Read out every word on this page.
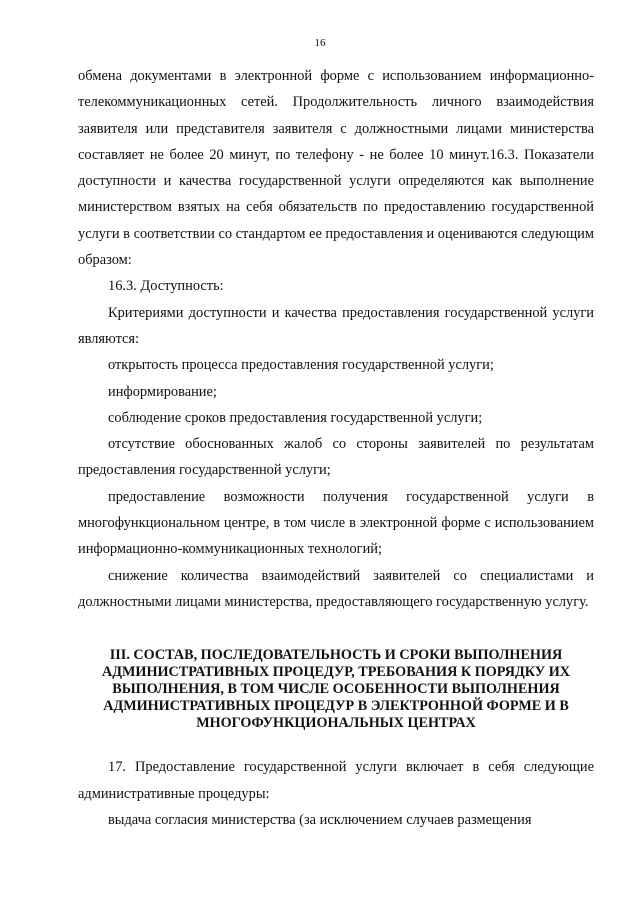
16

обмена документами в электронной форме с использованием информационно-телекоммуникационных сетей. Продолжительность личного взаимодействия заявителя или представителя заявителя с должностными лицами министерства составляет не более 20 минут, по телефону - не более 10 минут.16.3. Показатели доступности и качества государственной услуги определяются как выполнение министерством взятых на себя обязательств по предоставлению государственной услуги в соответствии со стандартом ее предоставления и оцениваются следующим образом:

16.3. Доступность:

Критериями доступности и качества предоставления государственной услуги являются:

открытость процесса предоставления государственной услуги;

информирование;

соблюдение сроков предоставления государственной услуги;

отсутствие обоснованных жалоб со стороны заявителей по результатам предоставления государственной услуги;

предоставление возможности получения государственной услуги в многофункциональном центре, в том числе в электронной форме с использованием информационно-коммуникационных технологий;

снижение количества взаимодействий заявителей со специалистами и должностными лицами министерства, предоставляющего государственную услугу.

III. СОСТАВ, ПОСЛЕДОВАТЕЛЬНОСТЬ И СРОКИ ВЫПОЛНЕНИЯ АДМИНИСТРАТИВНЫХ ПРОЦЕДУР, ТРЕБОВАНИЯ К ПОРЯДКУ ИХ ВЫПОЛНЕНИЯ, В ТОМ ЧИСЛЕ ОСОБЕННОСТИ ВЫПОЛНЕНИЯ АДМИНИСТРАТИВНЫХ ПРОЦЕДУР В ЭЛЕКТРОННОЙ ФОРМЕ И В МНОГОФУНКЦИОНАЛЬНЫХ ЦЕНТРАХ

17. Предоставление государственной услуги включает в себя следующие административные процедуры:

выдача согласия министерства (за исключением случаев размещения
